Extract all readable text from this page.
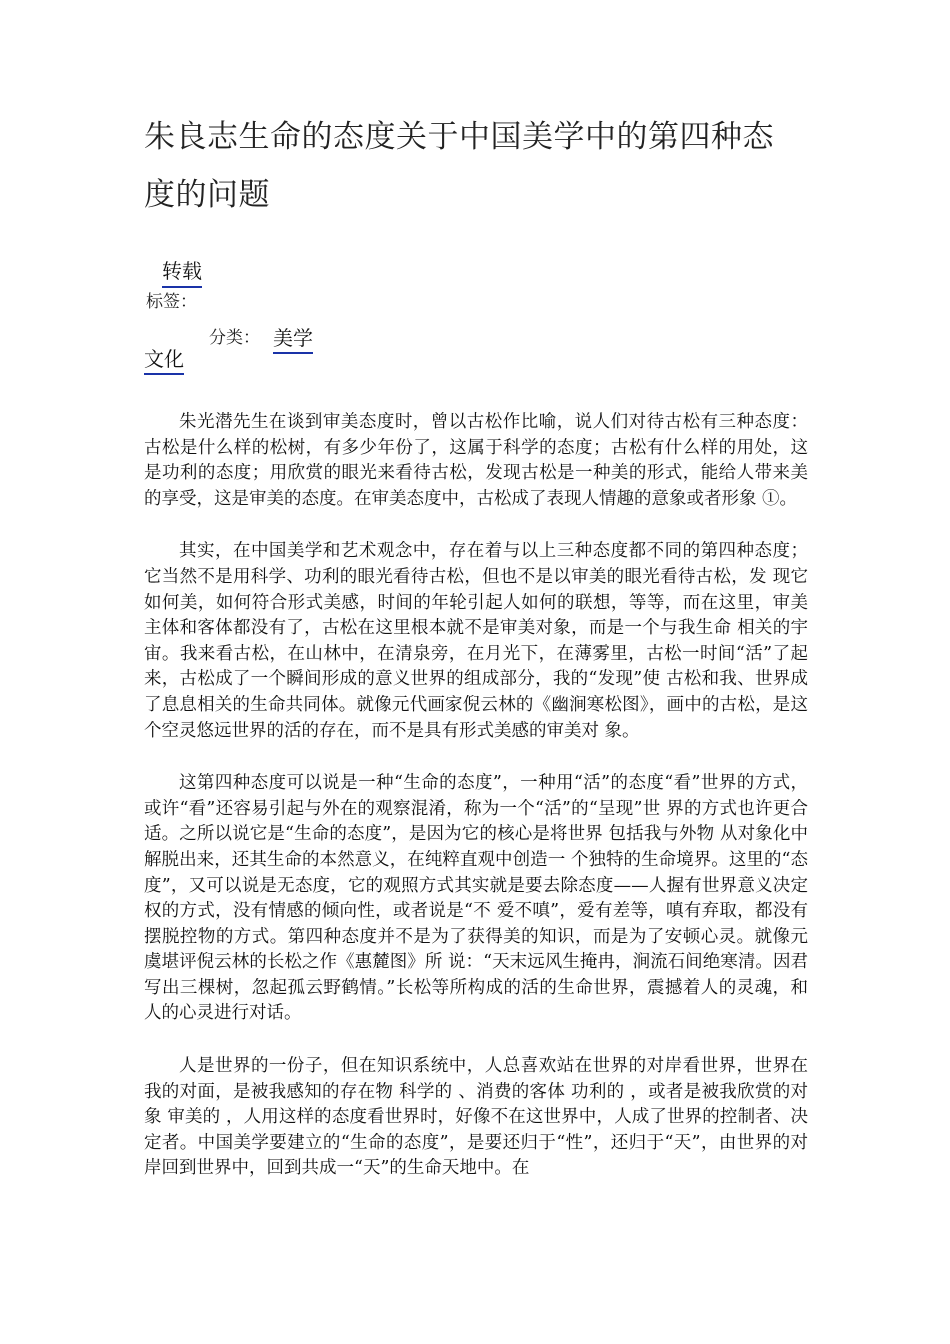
朱良志生命的态度关于中国美学中的第四种态度的问题
转载
标签：
分类： 美学
文化

朱光潜先生在谈到审美态度时，曾以古松作比喻，说人们对待古松有三种态度：古松是什么样的松树，有多少年份了，这属于科学的态度；古松有什么样的用处，这 是功利的态度；用欣赏的眼光来看待古松，发现古松是一种美的形式，能给人带来美的享受，这是审美的态度。在审美态度中，古松成了表现人情趣的意象或者形象 ①。

其实，在中国美学和艺术观念中，存在着与以上三种态度都不同的第四种态度；它当然不是用科学、功利的眼光看待古松，但也不是以审美的眼光看待古松，发 现它如何美，如何符合形式美感，时间的年轮引起人如何的联想，等等，而在这里，审美主体和客体都没有了，古松在这里根本就不是审美对象，而是一个与我生命 相关的宇宙。我来看古松，在山林中，在清泉旁，在月光下，在薄雾里，古松一时间“活”了起来，古松成了一个瞬间形成的意义世界的组成部分，我的“发现”使 古松和我、世界成了息息相关的生命共同体。就像元代画家倪云林的《幽涧寒松图》，画中的古松，是这个空灵悠远世界的活的存在，而不是具有形式美感的审美对 象。

这第四种态度可以说是一种“生命的态度”，一种用“活”的态度“看”世界的方式，或许“看”还容易引起与外在的观察混淆，称为一个“活”的“呈现”世 界的方式也许更合适。之所以说它是“生命的态度”，是因为它的核心是将世界 包括我与外物 从对象化中解脱出来，还其生命的本然意义，在纯粹直观中创造一 个独特的生命境界。这里的“态度”，又可以说是无态度，它的观照方式其实就是要去除态度——人握有世界意义决定权的方式，没有情感的倾向性，或者说是“不 爱不嗔”，爱有差等，嗔有弃取，都没有摆脱控物的方式。第四种态度并不是为了获得美的知识，而是为了安顿心灵。就像元虞堪评倪云林的长松之作《惠麓图》所 说：“天末远风生掩冉，涧流石间绝寒清。因君写出三棵树，忽起孤云野鹤情。”长松等所构成的活的生命世界，震撼着人的灵魂，和人的心灵进行对话。

人是世界的一份子，但在知识系统中，人总喜欢站在世界的对岸看世界，世界在我的对面，是被我感知的存在物 科学的 、消费的客体 功利的 ，或者是被我欣赏的对象 审美的 ，人用这样的态度看世界时，好像不在这世界中，人成了世界的控制者、决定者。中国美学要建立的“生命的态度”，是要还归于“性”，还归于“天”，由世界的对岸回到世界中，回到共成一“天”的生命天地中。在
